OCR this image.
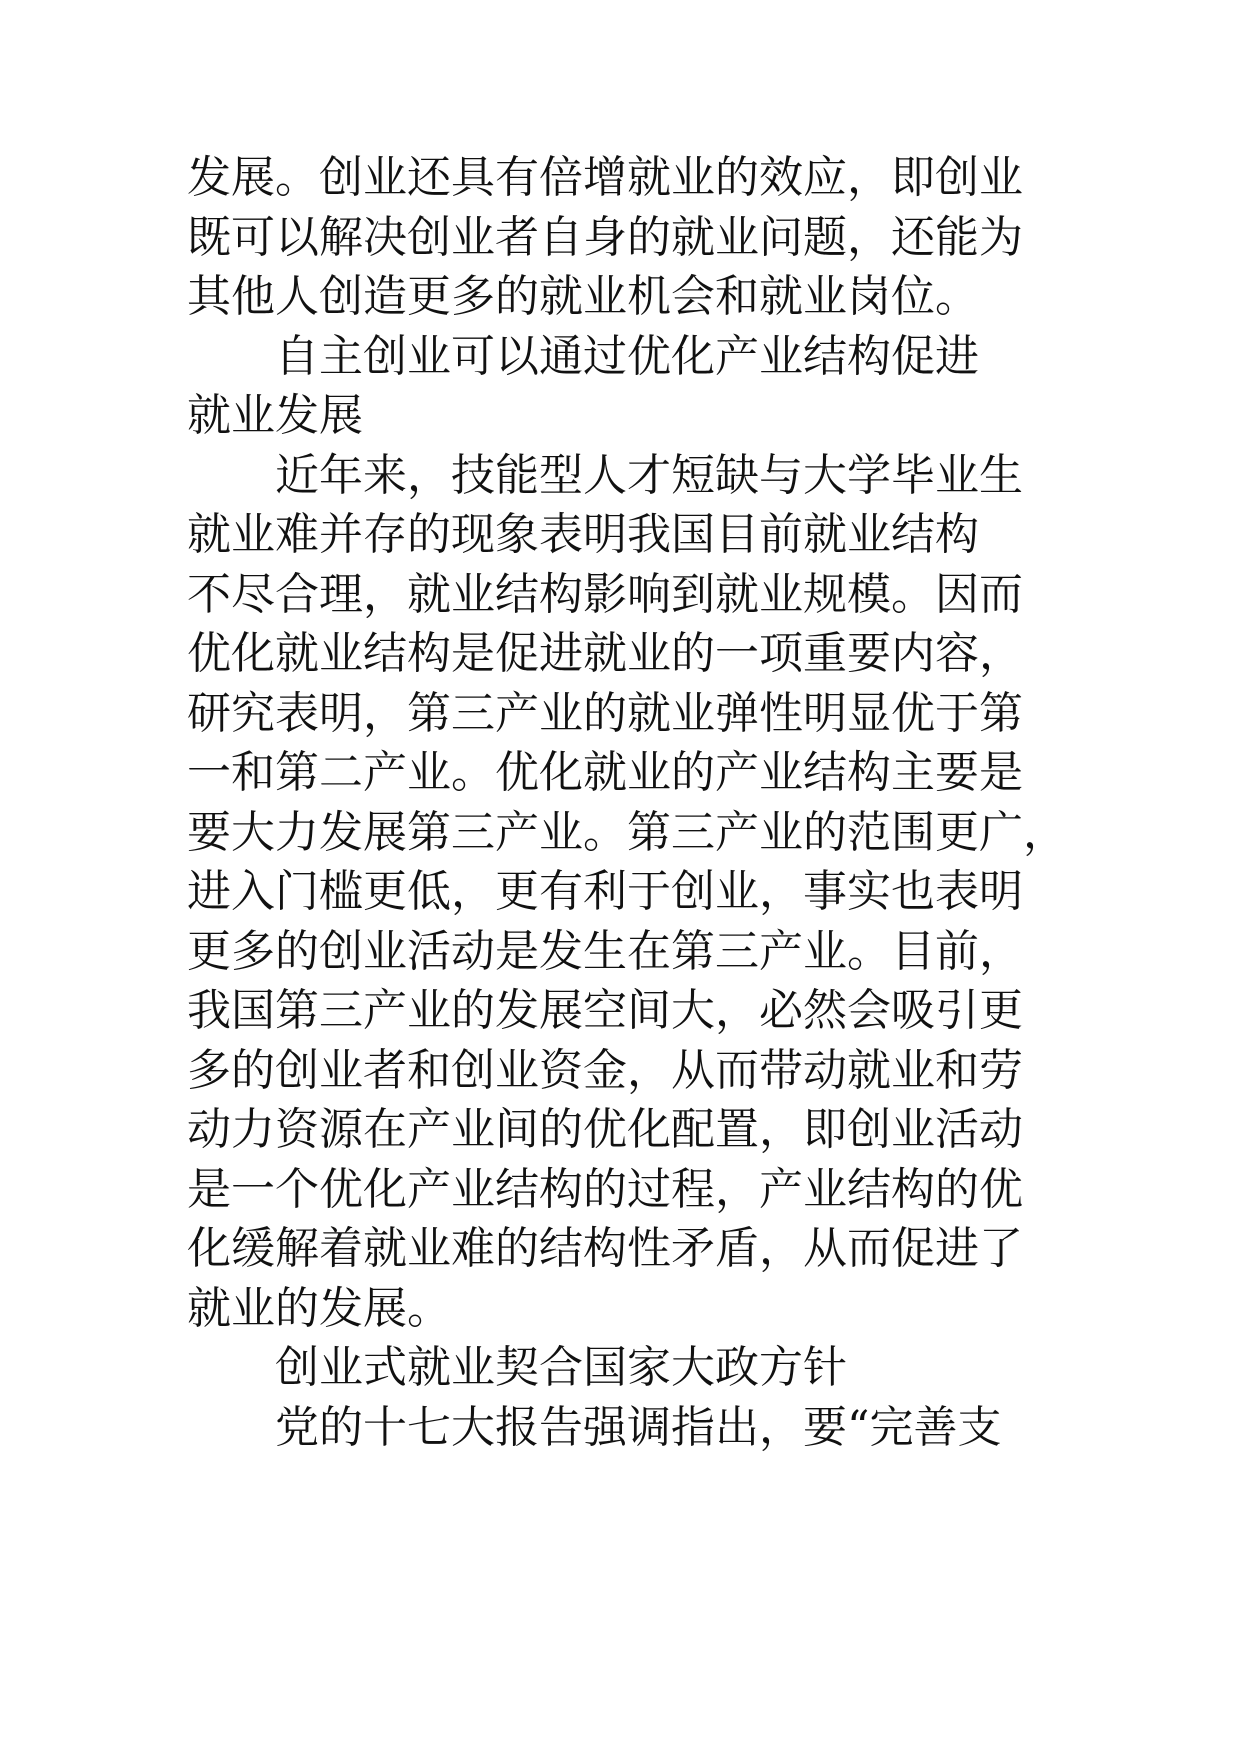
发展。创业还具有倍增就业的效应，即创业
既可以解决创业者自身的就业问题，还能为
其他人创造更多的就业机会和就业岗位。
自主创业可以通过优化产业结构促进
就业发展
近年来，技能型人才短缺与大学毕业生
就业难并存的现象表明我国目前就业结构
不尽合理，就业结构影响到就业规模。因而
优化就业结构是促进就业的一项重要内容，
研究表明，第三产业的就业弹性明显优于第
一和第二产业。优化就业的产业结构主要是
要大力发展第三产业。第三产业的范围更广，
进入门槛更低，更有利于创业，事实也表明
更多的创业活动是发生在第三产业。目前，
我国第三产业的发展空间大，必然会吸引更
多的创业者和创业资金，从而带动就业和劳
动力资源在产业间的优化配置，即创业活动
是一个优化产业结构的过程，产业结构的优
化缓解着就业难的结构性矛盾，从而促进了
就业的发展。
创业式就业契合国家大政方针
党的十七大报告强调指出，要“完善支
